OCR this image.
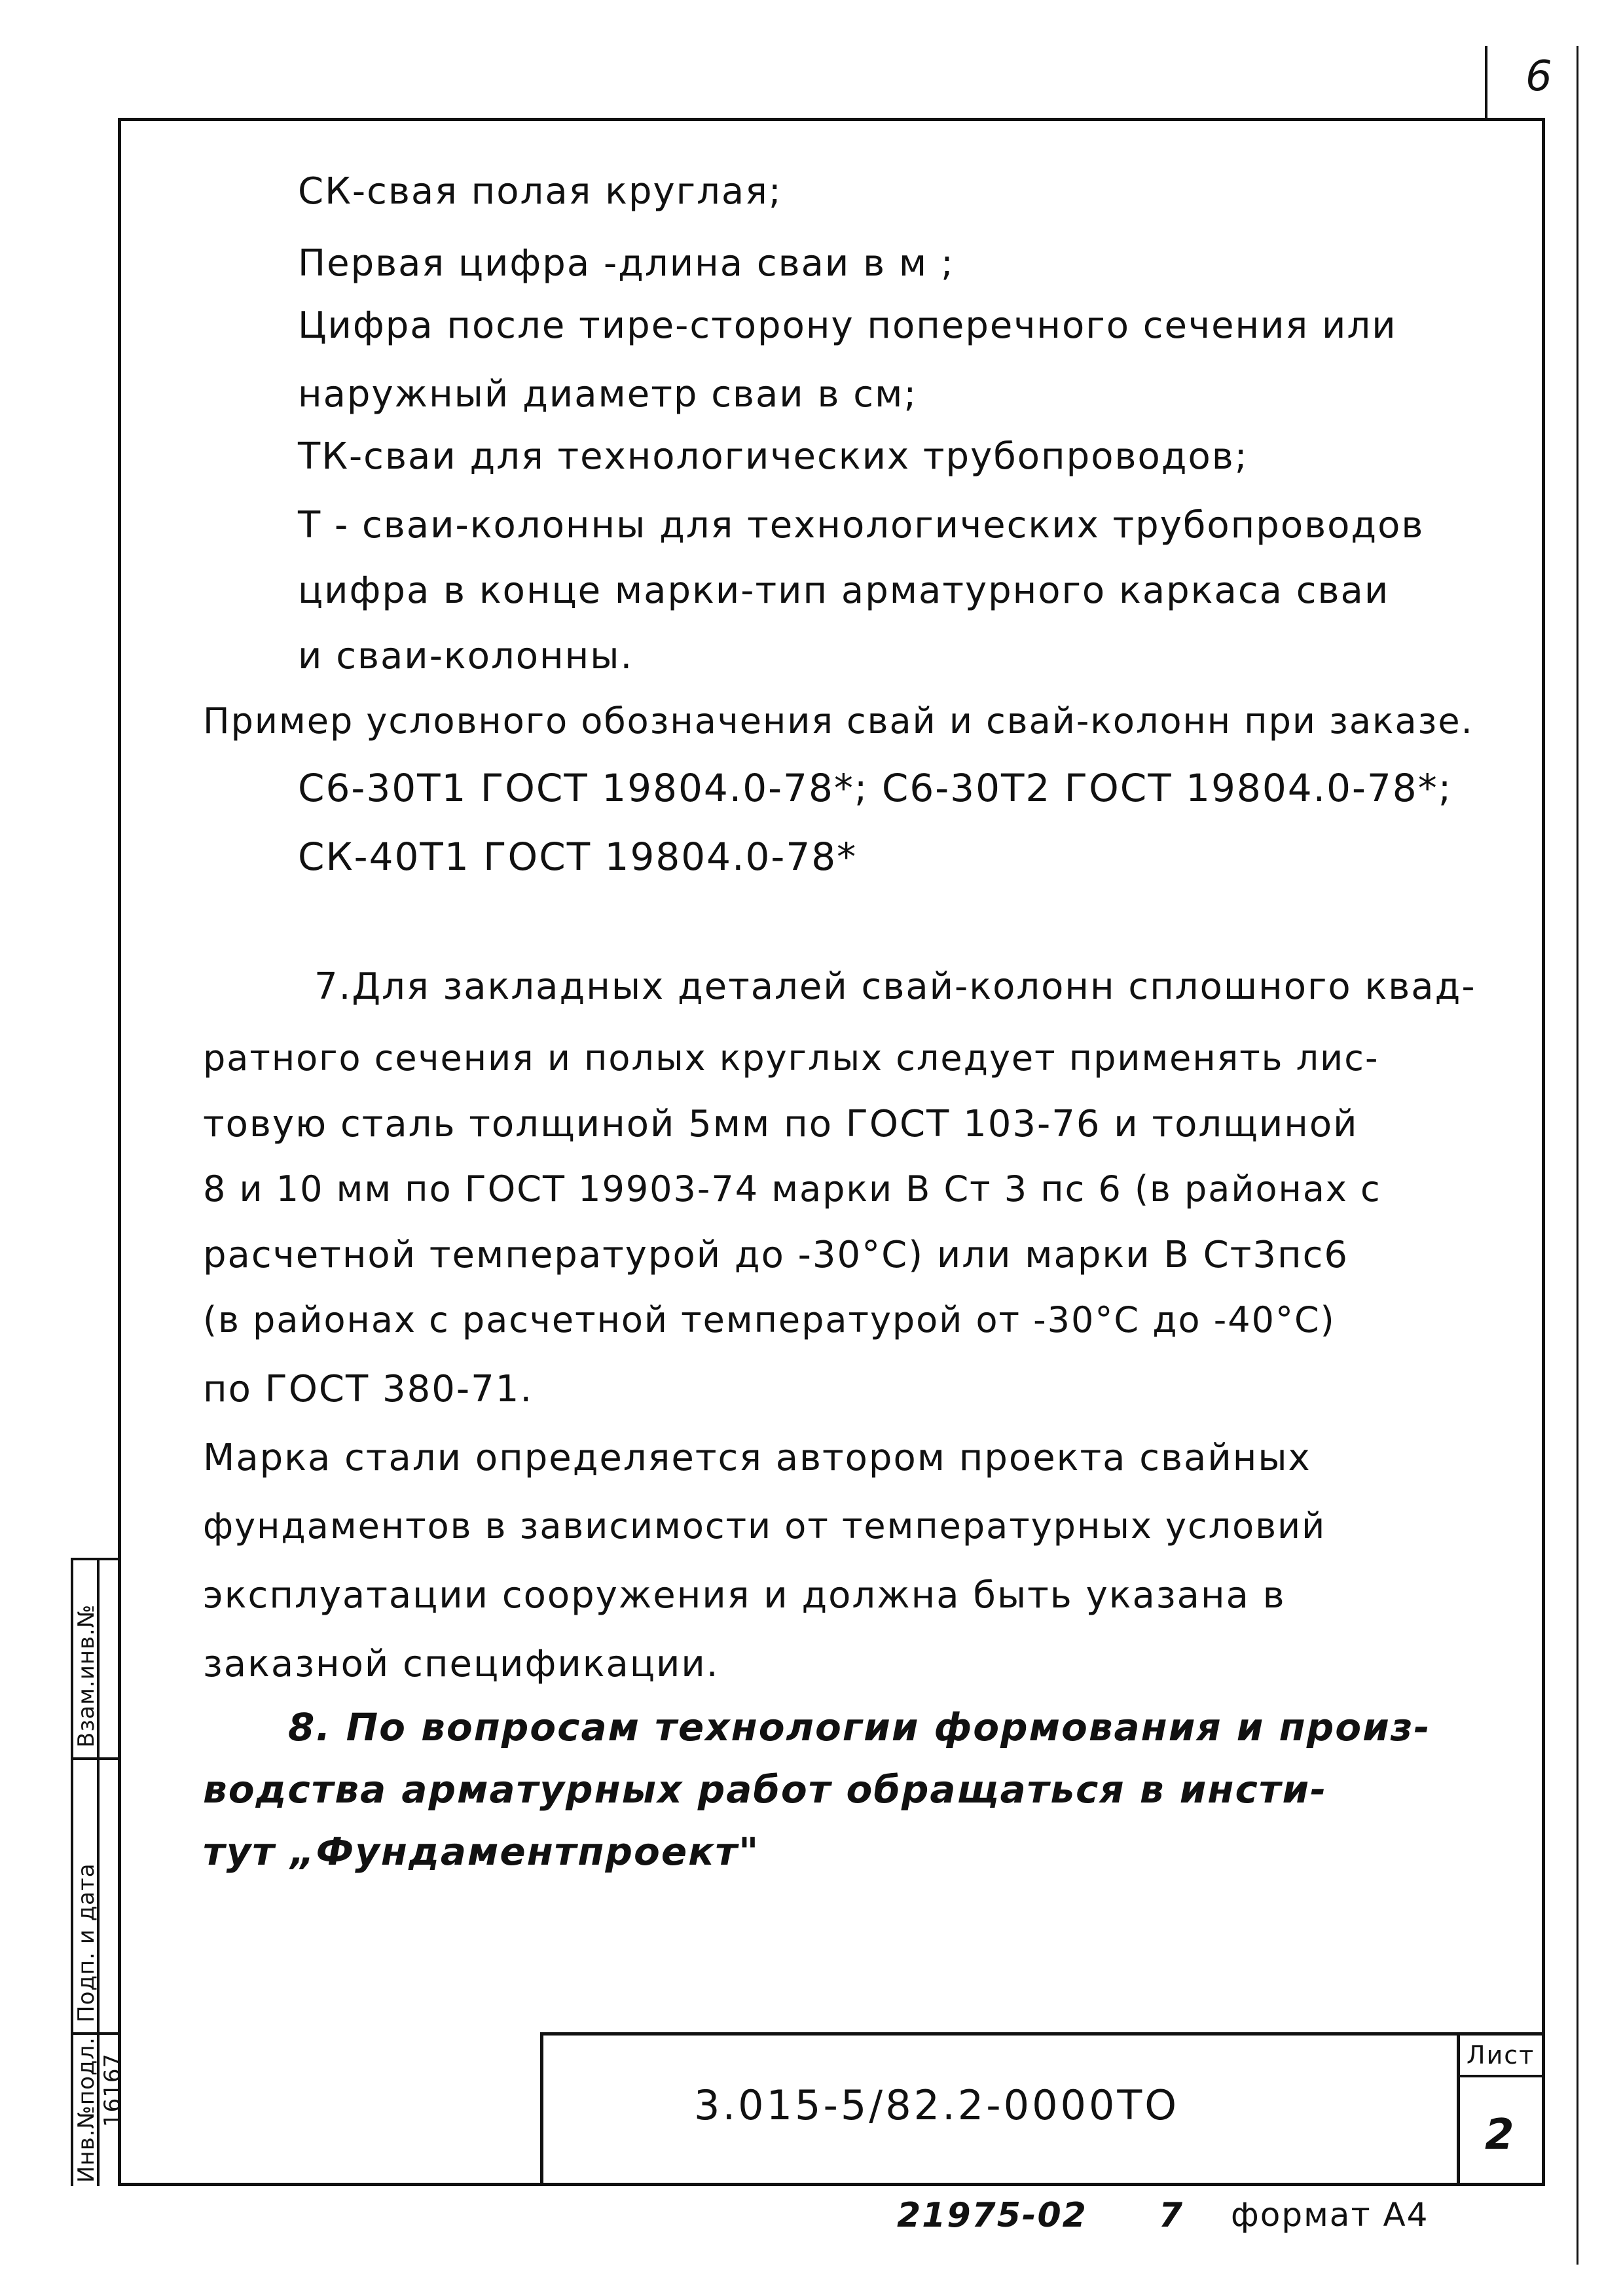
6
СК-свая полая круглая;
Первая цифра -длина сваи в м ;
Цифра после тире-сторону поперечного сечения или
наружный диаметр сваи в см;
ТК-сваи для технологических трубопроводов;
Т - сваи-колонны для технологических трубопроводов
цифра в конце марки-тип арматурного каркаса сваи
и сваи-колонны.
Пример условного обозначения свай и свай-колонн при заказе.
С6-30Т1 ГОСТ 19804.0-78*; С6-30Т2 ГОСТ 19804.0-78*;
СК-40Т1 ГОСТ 19804.0-78*
7.Для закладных деталей свай-колонн сплошного квад-
ратного сечения и полых круглых следует применять лис-
товую сталь толщиной 5мм по ГОСТ 103-76 и толщиной
8 и 10 мм по ГОСТ 19903-74 марки В Ст 3 пс 6 (в районах с
расчетной температурой до -30°С) или марки В Ст3пс6
(в районах с расчетной температурой от -30°С до -40°С)
по ГОСТ 380-71.
Марка стали определяется автором проекта свайных
фундаментов в зависимости от температурных условий
эксплуатации сооружения и должна быть указана в
заказной спецификации.
8. По вопросам технологии формования и произ-
водства арматурных работ обращаться в инсти-
тут „Фундаментпроект"
Взам.инв.№
Подп. и дата
Инв.№подл. 16167	3.015-5/82.2-0000ТО
Лист
2
21975-02 7 формат А4
